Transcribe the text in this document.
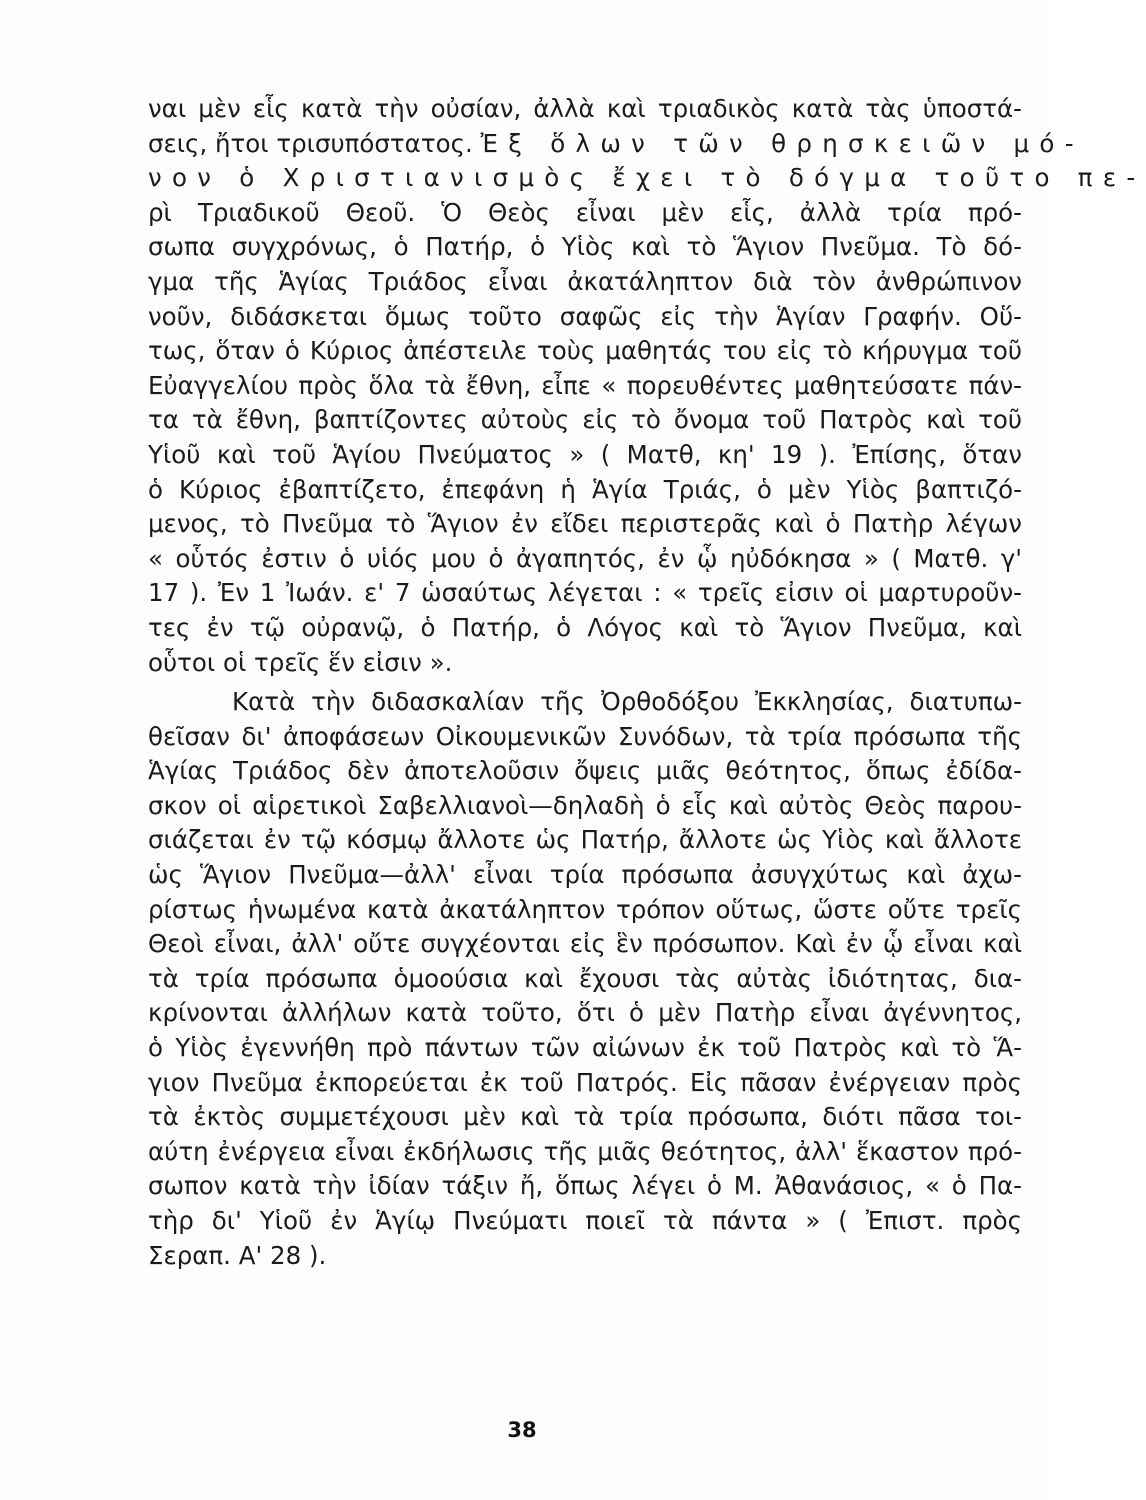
ναι μὲν εἷς κατὰ τὴν οὐσίαν, ἀλλὰ καὶ τριαδικὸς κατὰ τὰς ὑποστά-
σεις, ἤτοι τρισυπόστατος. Ἐξ ὅλων τῶν θρησκειῶν μό-
νον ὁ Χριστιανισμὸς ἔχει τὸ δόγμα τοῦτο πε-
ρὶ Τριαδικοῦ Θεοῦ. Ὁ Θεὸς εἶναι μὲν εἷς, ἀλλὰ τρία πρό-
σωπα συγχρόνως, ὁ Πατήρ, ὁ Υἱὸς καὶ τὸ Ἅγιον Πνεῦμα. Τὸ δό-
γμα τῆς Ἁγίας Τριάδος εἶναι ἀκατάληπτον διὰ τὸν ἀνθρώπινον
νοῦν, διδάσκεται ὅμως τοῦτο σαφῶς εἰς τὴν Ἁγίαν Γραφήν. Οὕ-
τως, ὅταν ὁ Κύριος ἀπέστειλε τοὺς μαθητάς του εἰς τὸ κήρυγμα τοῦ
Εὐαγγελίου πρὸς ὅλα τὰ ἔθνη, εἶπε « πορευθέντες μαθητεύσατε πάν-
τα τὰ ἔθνη, βαπτίζοντες αὐτοὺς εἰς τὸ ὄνομα τοῦ Πατρὸς καὶ τοῦ
Υἱοῦ καὶ τοῦ Ἁγίου Πνεύματος » ( Ματθ, κη' 19 ). Ἐπίσης, ὅταν
ὁ Κύριος ἐβαπτίζετο, ἐπεφάνη ἡ Ἁγία Τριάς, ὁ μὲν Υἱὸς βαπτιζό-
μενος, τὸ Πνεῦμα τὸ Ἅγιον ἐν εἴδει περιστερᾶς καὶ ὁ Πατὴρ λέγων
« οὗτός ἐστιν ὁ υἱός μου ὁ ἀγαπητός, ἐν ᾧ ηὐδόκησα » ( Ματθ. γ'
17 ). Ἐν 1 Ἰωάν. ε' 7 ὡσαύτως λέγεται : « τρεῖς εἰσιν οἱ μαρτυροῦν-
τες ἐν τῷ οὐρανῷ, ὁ Πατήρ, ὁ Λόγος καὶ τὸ Ἅγιον Πνεῦμα, καὶ
οὗτοι οἱ τρεῖς ἕν εἰσιν ».
Κατὰ τὴν διδασκαλίαν τῆς Ὀρθοδόξου Ἐκκλησίας, διατυπω-
θεῖσαν δι' ἀποφάσεων Οἰκουμενικῶν Συνόδων, τὰ τρία πρόσωπα τῆς
Ἁγίας Τριάδος δὲν ἀποτελοῦσιν ὄψεις μιᾶς θεότητος, ὅπως ἐδίδα-
σκον οἱ αἱρετικοὶ Σαβελλιανοὶ—δηλαδὴ ὁ εἷς καὶ αὐτὸς Θεὸς παρου-
σιάζεται ἐν τῷ κόσμῳ ἄλλοτε ὡς Πατήρ, ἄλλοτε ὡς Υἱὸς καὶ ἄλλοτε
ὡς Ἅγιον Πνεῦμα—ἀλλ' εἶναι τρία πρόσωπα ἀσυγχύτως καὶ ἀχω-
ρίστως ἡνωμένα κατὰ ἀκατάληπτον τρόπον οὕτως, ὥστε οὔτε τρεῖς
Θεοὶ εἶναι, ἀλλ' οὔτε συγχέονται εἰς ἓν πρόσωπον. Καὶ ἐν ᾧ εἶναι καὶ
τὰ τρία πρόσωπα ὁμοούσια καὶ ἔχουσι τὰς αὐτὰς ἰδιότητας, δια-
κρίνονται ἀλλήλων κατὰ τοῦτο, ὅτι ὁ μὲν Πατὴρ εἶναι ἀγέννητος,
ὁ Υἱὸς ἐγεννήθη πρὸ πάντων τῶν αἰώνων ἐκ τοῦ Πατρὸς καὶ τὸ Ἅ-
γιον Πνεῦμα ἐκπορεύεται ἐκ τοῦ Πατρός. Εἰς πᾶσαν ἐνέργειαν πρὸς
τὰ ἐκτὸς συμμετέχουσι μὲν καὶ τὰ τρία πρόσωπα, διότι πᾶσα τοι-
αύτη ἐνέργεια εἶναι ἐκδήλωσις τῆς μιᾶς θεότητος, ἀλλ' ἕκαστον πρό-
σωπον κατὰ τὴν ἰδίαν τάξιν ἤ, ὅπως λέγει ὁ Μ. Ἀθανάσιος, « ὁ Πα-
τὴρ δι' Υἱοῦ ἐν Ἁγίῳ Πνεύματι ποιεῖ τὰ πάντα » ( Ἐπιστ. πρὸς
Σεραπ. Α' 28 ).
38
